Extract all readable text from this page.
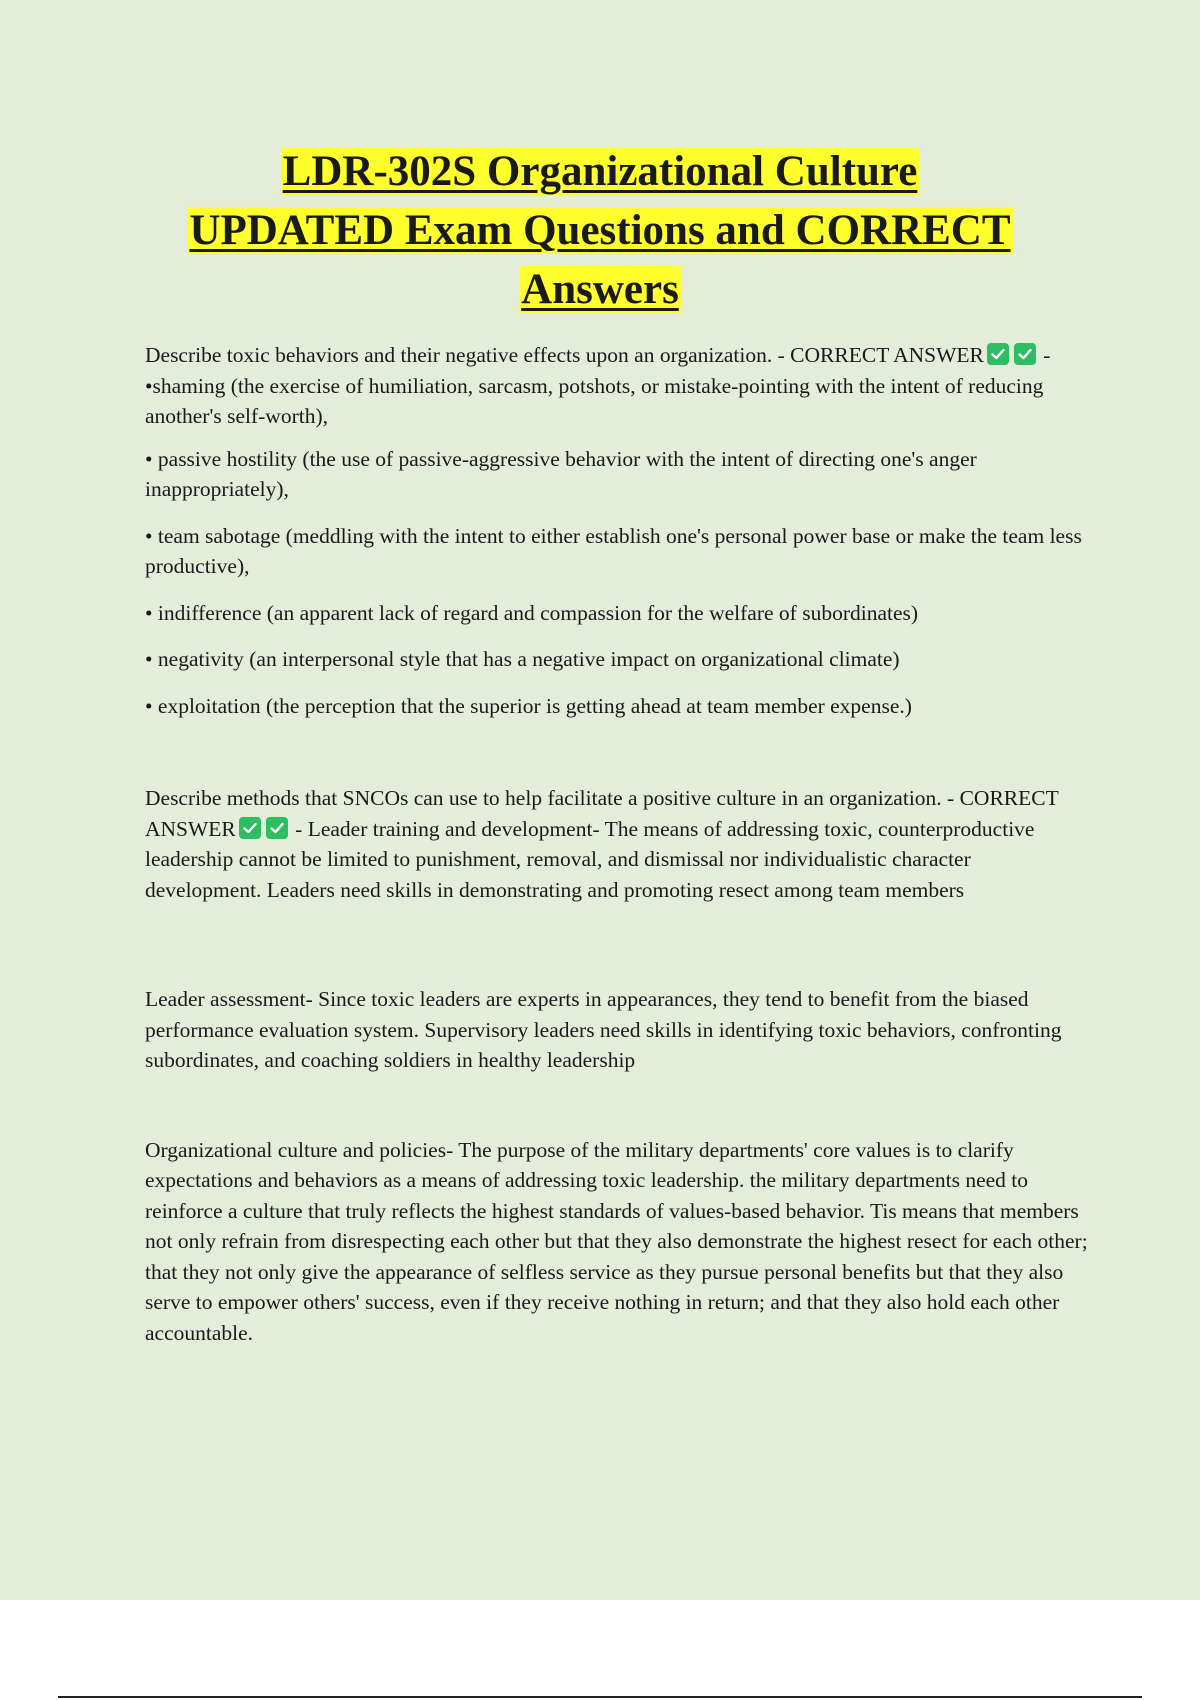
LDR-302S Organizational Culture
UPDATED Exam Questions and CORRECT
Answers

Describe toxic behaviors and their negative effects upon an organization. - CORRECT ANSWER	- •shaming (the exercise of humiliation, sarcasm, potshots, or mistake-pointing with the intent of reducing another's self-worth),

• passive hostility (the use of passive-aggressive behavior with the intent of directing one's anger inappropriately),

• team sabotage (meddling with the intent to either establish one's personal power base or make the team less productive),

• indifference (an apparent lack of regard and compassion for the welfare of subordinates)

• negativity (an interpersonal style that has a negative impact on organizational climate)

• exploitation (the perception that the superior is getting ahead at team member expense.)

Describe methods that SNCOs can use to help facilitate a positive culture in an organization. - CORRECT ANSWER	- Leader training and development- The means of addressing toxic, counterproductive leadership cannot be limited to punishment, removal, and dismissal nor individualistic character development. Leaders need skills in demonstrating and promoting resect among team members

Leader assessment- Since toxic leaders are experts in appearances, they tend to benefit from the biased performance evaluation system. Supervisory leaders need skills in identifying toxic behaviors, confronting subordinates, and coaching soldiers in healthy leadership

Organizational culture and policies- The purpose of the military departments' core values is to clarify expectations and behaviors as a means of addressing toxic leadership. the military departments need to reinforce a culture that truly reflects the highest standards of values-based behavior. Tis means that members not only refrain from disrespecting each other but that they also demonstrate the highest resect for each other; that they not only give the appearance of selfless service as they pursue personal benefits but that they also serve to empower others' success, even if they receive nothing in return; and that they also hold each other accountable.
